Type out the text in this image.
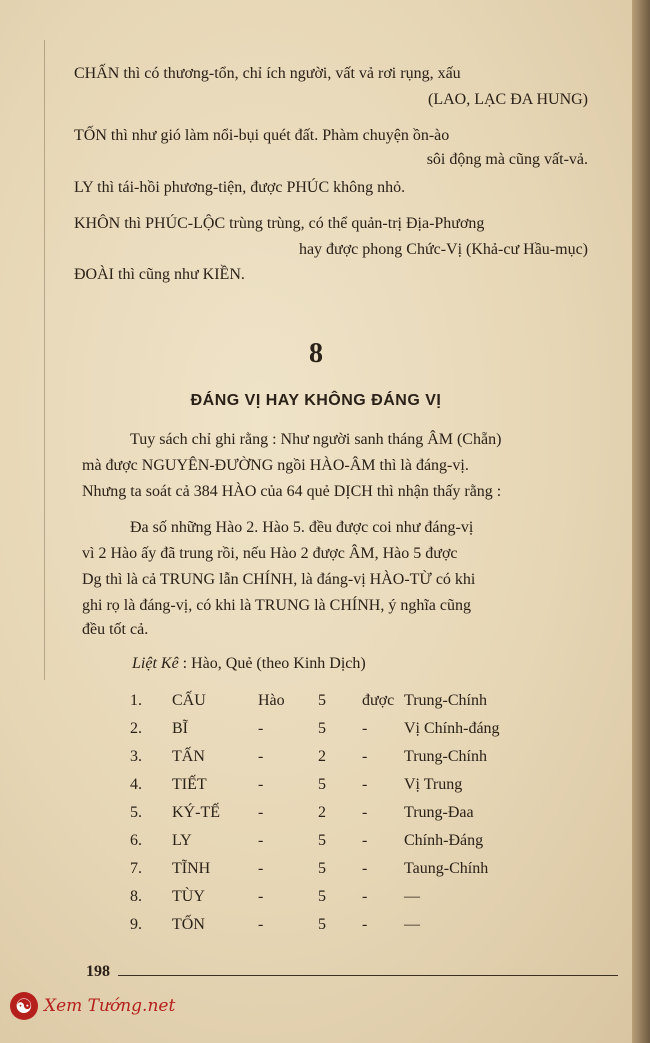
CHẤN thì có thương-tổn, chỉ ích người, vất vả rơi rụng, xấu
(LAO, LẠC ĐA HUNG)
TỐN thì như gió làm nổi-bụi quét đất. Phàm chuyện ồn-ào
sôi động mà cũng vất-vả.
LY thì tái-hồi phương-tiện, được PHÚC không nhỏ.
KHÔN thì PHÚC-LỘC trùng trùng, có thể quản-trị Địa-Phương
hay được phong Chức-Vị (Khả-cư Hầu-mục)
ĐOÀI thì cũng như KIỀN.
8
ĐÁNG VỊ HAY KHÔNG ĐÁNG VỊ
Tuy sách chỉ ghi rằng : Như người sanh tháng ÂM (Chẵn)
mà được NGUYÊN-ĐƯỜNG ngồi HÀO-ÂM thì là đáng-vị.
Nhưng ta soát cả 384 HÀO của 64 quẻ DỊCH thì nhận thấy rằng :
Đa số những Hào 2. Hào 5. đều được coi như đáng-vị
vì 2 Hào ấy đã trung rồi, nếu Hào 2 được ÂM, Hào 5 được
Dg thì là cả TRUNG lẫn CHÍNH, là đáng-vị HÀO-TỪ có khi
ghi rọ là đáng-vị, có khi là TRUNG là CHÍNH, ý nghĩa cũng
đều tốt cả.
Liệt Kê : Hào, Quẻ (theo Kinh Dịch)
1. CẤU	Hào 5 được Trung-Chính
2. BĨ	-	5 - Vị Chính-đáng
3. TẤN	-	2 - Trung-Chính
4. TIẾT	-	5 - Vị Trung
5. KÝ-TẾ -	2 - Trung-Đaa
6. LY	-	5 - Chính-Đáng
7. TĨNH	-	5 - Taung-Chính
8. TÙY	-	5 - —
9. TỐN	-	5 - —
198
☯ Xem Tướng.net
